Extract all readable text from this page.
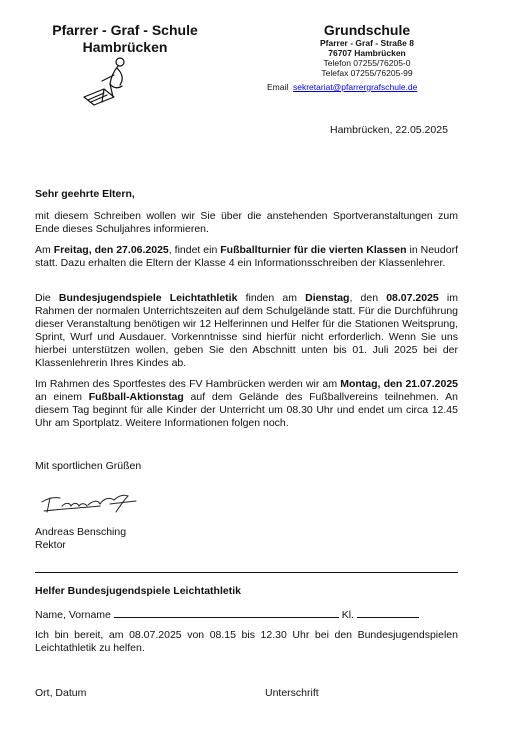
Pfarrer - Graf - Schule
Hambrücken
Grundschule
Pfarrer - Graf - Straße 8
76707 Hambrücken
Telefon 07255/76205-0
Telefax 07255/76205-99
Email sekretariat@pfarrergrafschule.de
Hambrücken, 22.05.2025
Sehr geehrte Eltern,
mit diesem Schreiben wollen wir Sie über die anstehenden Sportveranstaltungen zum Ende dieses Schuljahres informieren.
Am Freitag, den 27.06.2025, findet ein Fußballturnier für die vierten Klassen in Neudorf statt. Dazu erhalten die Eltern der Klasse 4 ein Informationsschreiben der Klassenlehrer.
Die Bundesjugendspiele Leichtathletik finden am Dienstag, den 08.07.2025 im Rahmen der normalen Unterrichtszeiten auf dem Schulgelände statt. Für die Durchführung dieser Veranstaltung benötigen wir 12 Helferinnen und Helfer für die Stationen Weitsprung, Sprint, Wurf und Ausdauer. Vorkenntnisse sind hierfür nicht erforderlich. Wenn Sie uns hierbei unterstützen wollen, geben Sie den Abschnitt unten bis 01. Juli 2025 bei der Klassenlehrerin Ihres Kindes ab.
Im Rahmen des Sportfestes des FV Hambrücken werden wir am Montag, den 21.07.2025 an einem Fußball-Aktionstag auf dem Gelände des Fußballvereins teilnehmen. An diesem Tag beginnt für alle Kinder der Unterricht um 08.30 Uhr und endet um circa 12.45 Uhr am Sportplatz. Weitere Informationen folgen noch.
Mit sportlichen Grüßen
Andreas Bensching
Rektor
Helfer Bundesjugendspiele Leichtathletik
Name, Vorname	Kl.
Ich bin bereit, am 08.07.2025 von 08.15 bis 12.30 Uhr bei den Bundesjugendspielen Leichtathletik zu helfen.
Ort, Datum	Unterschrift
